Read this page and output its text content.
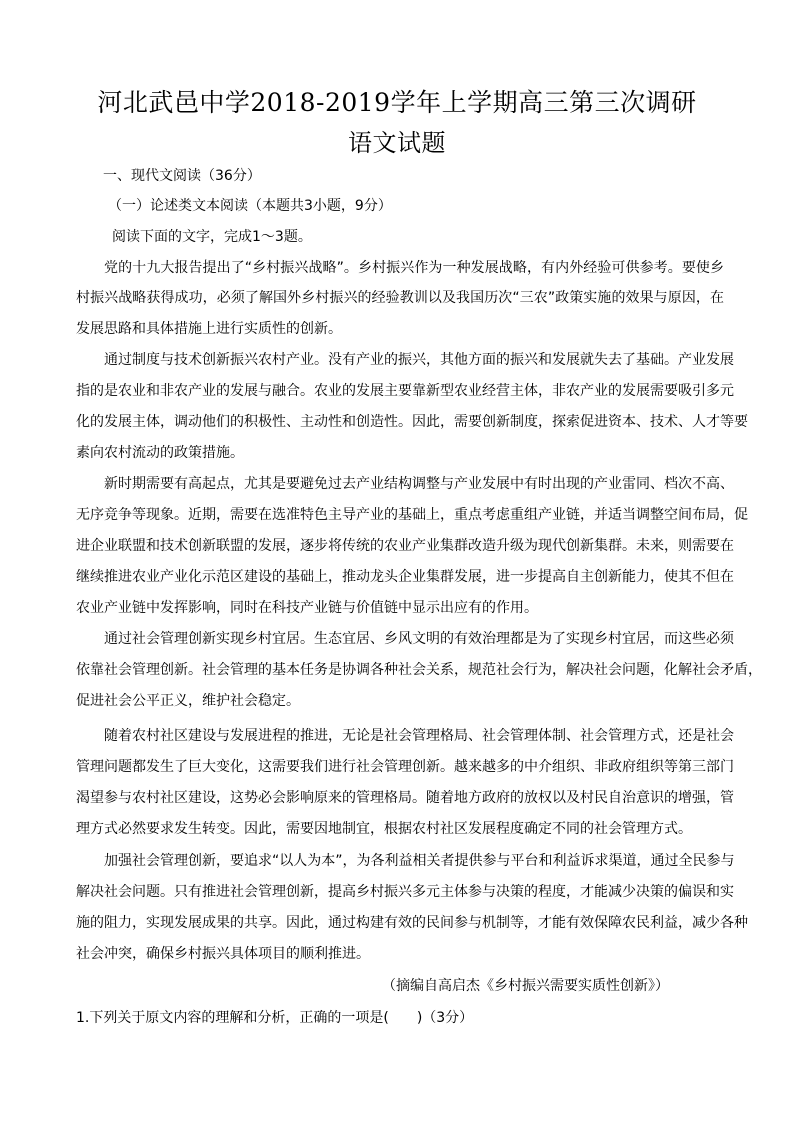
河北武邑中学2018-2019学年上学期高三第三次调研
语文试题
一、现代文阅读（36分）
（一）论述类文本阅读（本题共3小题，9分）
阅读下面的文字，完成1～3题。
党的十九大报告提出了“乡村振兴战略”。乡村振兴作为一种发展战略，有内外经验可供参考。要使乡
村振兴战略获得成功，必须了解国外乡村振兴的经验教训以及我国历次“三农”政策实施的效果与原因，在
发展思路和具体措施上进行实质性的创新。
通过制度与技术创新振兴农村产业。没有产业的振兴，其他方面的振兴和发展就失去了基础。产业发展
指的是农业和非农产业的发展与融合。农业的发展主要靠新型农业经营主体，非农产业的发展需要吸引多元
化的发展主体，调动他们的积极性、主动性和创造性。因此，需要创新制度，探索促进资本、技术、人才等要
素向农村流动的政策措施。
新时期需要有高起点，尤其是要避免过去产业结构调整与产业发展中有时出现的产业雷同、档次不高、
无序竞争等现象。近期，需要在选准特色主导产业的基础上，重点考虑重组产业链，并适当调整空间布局，促
进企业联盟和技术创新联盟的发展，逐步将传统的农业产业集群改造升级为现代创新集群。未来，则需要在
继续推进农业产业化示范区建设的基础上，推动龙头企业集群发展，进一步提高自主创新能力，使其不但在
农业产业链中发挥影响，同时在科技产业链与价值链中显示出应有的作用。
通过社会管理创新实现乡村宜居。生态宜居、乡风文明的有效治理都是为了实现乡村宜居，而这些必须
依靠社会管理创新。社会管理的基本任务是协调各种社会关系，规范社会行为，解决社会问题，化解社会矛盾，
促进社会公平正义，维护社会稳定。
随着农村社区建设与发展进程的推进，无论是社会管理格局、社会管理体制、社会管理方式，还是社会
管理问题都发生了巨大变化，这需要我们进行社会管理创新。越来越多的中介组织、非政府组织等第三部门
渴望参与农村社区建设，这势必会影响原来的管理格局。随着地方政府的放权以及村民自治意识的增强，管
理方式必然要求发生转变。因此，需要因地制宜，根据农村社区发展程度确定不同的社会管理方式。
加强社会管理创新，要追求“以人为本”，为各利益相关者提供参与平台和利益诉求渠道，通过全民参与
解决社会问题。只有推进社会管理创新，提高乡村振兴多元主体参与决策的程度，才能减少决策的偏误和实
施的阻力，实现发展成果的共享。因此，通过构建有效的民间参与机制等，才能有效保障农民利益，减少各种
社会冲突，确保乡村振兴具体项目的顺利推进。
（摘编自高启杰《乡村振兴需要实质性创新》）
1.下列关于原文内容的理解和分析，正确的一项是(　　)（3分）
